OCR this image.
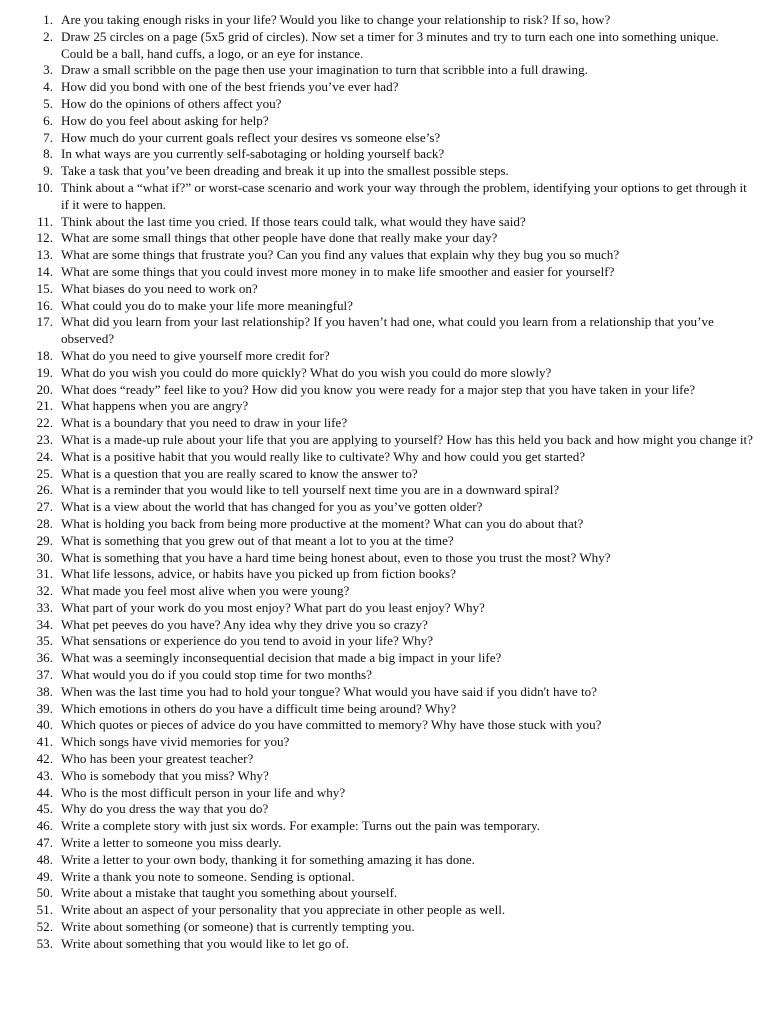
1. Are you taking enough risks in your life? Would you like to change your relationship to risk? If so, how?
2. Draw 25 circles on a page (5x5 grid of circles). Now set a timer for 3 minutes and try to turn each one into something unique. Could be a ball, hand cuffs, a logo, or an eye for instance.
3. Draw a small scribble on the page then use your imagination to turn that scribble into a full drawing.
4. How did you bond with one of the best friends you’ve ever had?
5. How do the opinions of others affect you?
6. How do you feel about asking for help?
7. How much do your current goals reflect your desires vs someone else’s?
8. In what ways are you currently self-sabotaging or holding yourself back?
9. Take a task that you’ve been dreading and break it up into the smallest possible steps.
10. Think about a “what if?” or worst-case scenario and work your way through the problem, identifying your options to get through it if it were to happen.
11. Think about the last time you cried. If those tears could talk, what would they have said?
12. What are some small things that other people have done that really make your day?
13. What are some things that frustrate you? Can you find any values that explain why they bug you so much?
14. What are some things that you could invest more money in to make life smoother and easier for yourself?
15. What biases do you need to work on?
16. What could you do to make your life more meaningful?
17. What did you learn from your last relationship? If you haven’t had one, what could you learn from a relationship that you’ve observed?
18. What do you need to give yourself more credit for?
19. What do you wish you could do more quickly? What do you wish you could do more slowly?
20. What does “ready” feel like to you? How did you know you were ready for a major step that you have taken in your life?
21. What happens when you are angry?
22. What is a boundary that you need to draw in your life?
23. What is a made-up rule about your life that you are applying to yourself? How has this held you back and how might you change it?
24. What is a positive habit that you would really like to cultivate? Why and how could you get started?
25. What is a question that you are really scared to know the answer to?
26. What is a reminder that you would like to tell yourself next time you are in a downward spiral?
27. What is a view about the world that has changed for you as you’ve gotten older?
28. What is holding you back from being more productive at the moment? What can you do about that?
29. What is something that you grew out of that meant a lot to you at the time?
30. What is something that you have a hard time being honest about, even to those you trust the most? Why?
31. What life lessons, advice, or habits have you picked up from fiction books?
32. What made you feel most alive when you were young?
33. What part of your work do you most enjoy? What part do you least enjoy? Why?
34. What pet peeves do you have? Any idea why they drive you so crazy?
35. What sensations or experience do you tend to avoid in your life? Why?
36. What was a seemingly inconsequential decision that made a big impact in your life?
37. What would you do if you could stop time for two months?
38. When was the last time you had to hold your tongue? What would you have said if you didn't have to?
39. Which emotions in others do you have a difficult time being around? Why?
40. Which quotes or pieces of advice do you have committed to memory? Why have those stuck with you?
41. Which songs have vivid memories for you?
42. Who has been your greatest teacher?
43. Who is somebody that you miss? Why?
44. Who is the most difficult person in your life and why?
45. Why do you dress the way that you do?
46. Write a complete story with just six words. For example: Turns out the pain was temporary.
47. Write a letter to someone you miss dearly.
48. Write a letter to your own body, thanking it for something amazing it has done.
49. Write a thank you note to someone. Sending is optional.
50. Write about a mistake that taught you something about yourself.
51. Write about an aspect of your personality that you appreciate in other people as well.
52. Write about something (or someone) that is currently tempting you.
53. Write about something that you would like to let go of.
